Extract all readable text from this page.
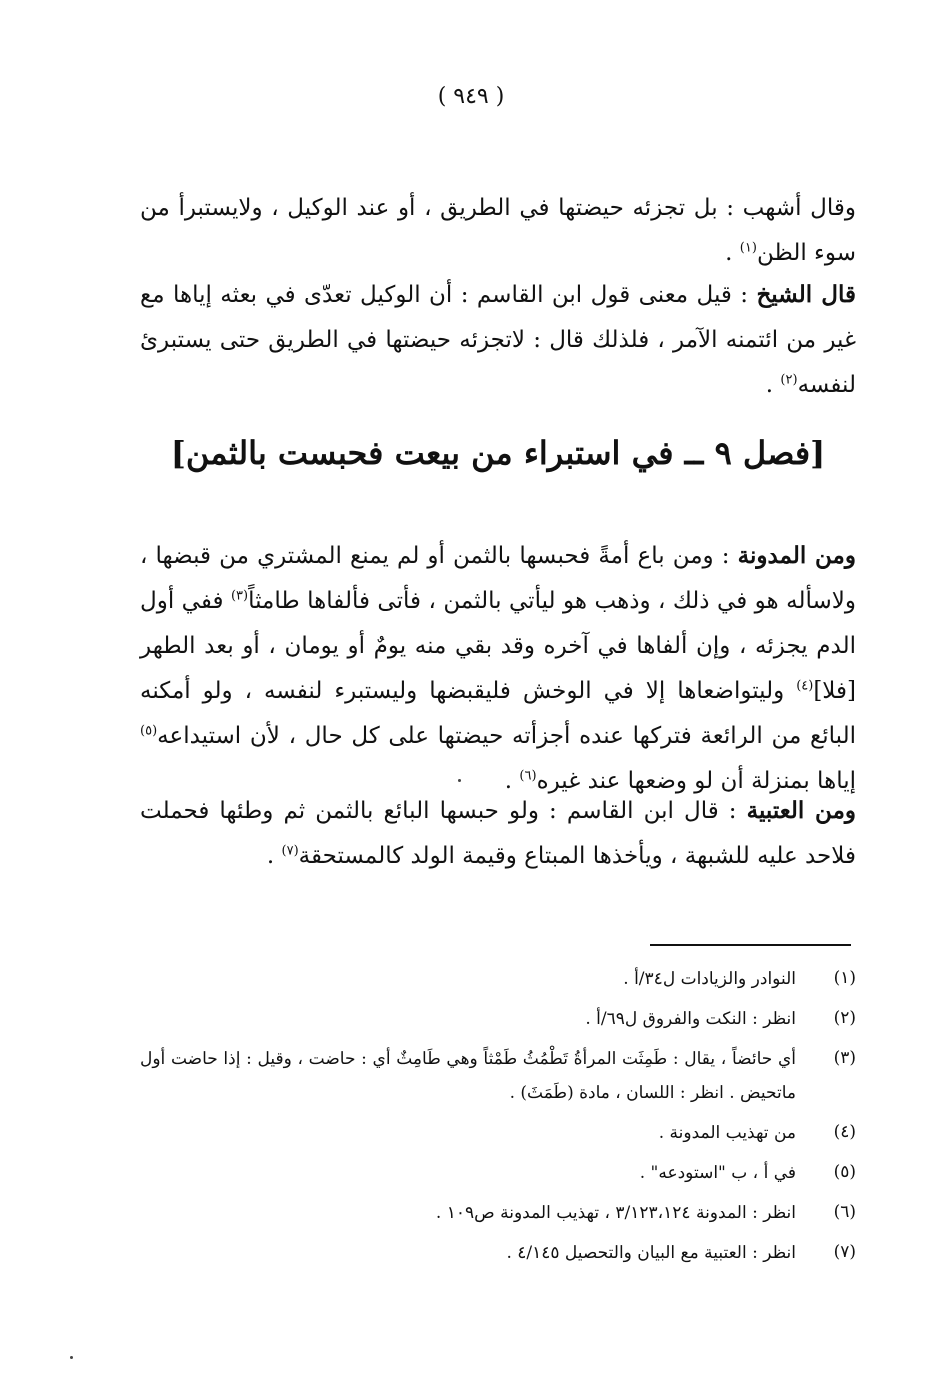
( ٩٤٩ )
وقال أشهب : بل تجزئه حيضتها في الطريق ، أو عند الوكيل ، ولايستبرأ من سوء الظن$^{(١)}$ .
قال الشيخ : قيل معنى قول ابن القاسم : أن الوكيل تعدّى في بعثه إياها مع غير من ائتمنه الآمر ، فلذلك قال : لاتجزئه حيضتها في الطريق حتى يستبرئ لنفسه$^{(٢)}$ .
[فصل ٩ ــ في استبراء من بيعت فحبست بالثمن]
ومن المدونة : ومن باع أمةً فحبسها بالثمن أو لم يمنع المشتري من قبضها ، ولاسأله هو في ذلك ، وذهب هو ليأتي بالثمن ، فأتى فألفاها طامثاً$^{(٣)}$ ففي أول الدم يجزئه ، وإن ألفاها في آخره وقد بقي منه يومٌ أو يومان ، أو بعد الطهر [فلا]$^{(٤)}$ وليتواضعاها إلا في الوخش فليقبضها وليستبرء لنفسه ، ولو أمكنه البائع من الرائعة فتركها عنده أجزأته حيضتها على كل حال ، لأن استيداعه$^{(٥)}$ إياها بمنزلة أن لو وضعها عند غيره$^{(٦)}$ .
ومن العتبية : قال ابن القاسم : ولو حبسها البائع بالثمن ثم وطئها فحملت فلاحد عليه للشبهة ، ويأخذها المبتاع وقيمة الولد كالمستحقة$^{(٧)}$ .
(١)
النوادر والزيادات ل٣٤/أ .
(٢)
انظر : النكت والفروق ل٦٩/أ .
(٣)
أي حائضاً ، يقال : طَمِثَت المرأةُ تَطْمُثُ طَمْثاً وهي طَامِثٌ أي : حاضت ، وقيل : إذا حاضت أول ماتحيض . انظر : اللسان ، مادة (طَمَثَ) .
(٤)
من تهذيب المدونة .
(٥)
في أ ، ب "استودعه" .
(٦)
انظر : المدونة ٣/١٢٣،١٢٤ ، تهذيب المدونة ص١٠٩ .
(٧)
انظر : العتبية مع البيان والتحصيل ٤/١٤٥ .
